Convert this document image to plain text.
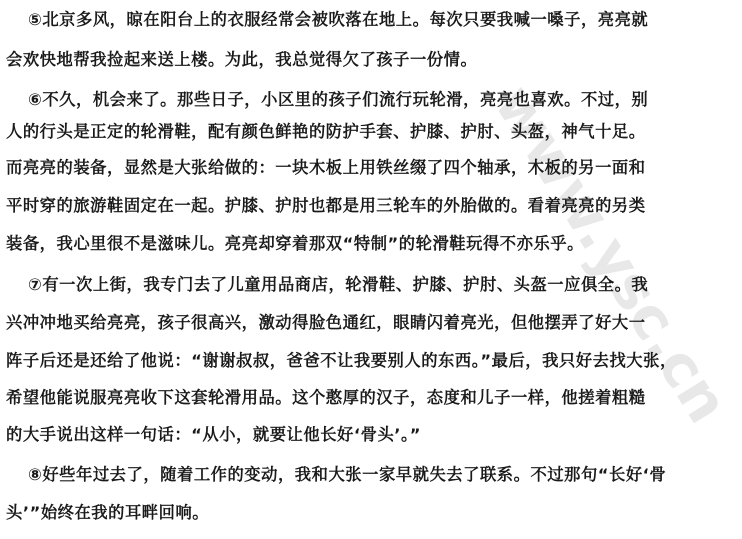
www.ysc.cn
⑤北京多风，晾在阳台上的衣服经常会被吹落在地上。每次只要我喊一嗓子，亮亮就
会欢快地帮我捡起来送上楼。为此，我总觉得欠了孩子一份情。
⑥不久，机会来了。那些日子，小区里的孩子们流行玩轮滑，亮亮也喜欢。不过，别
人的行头是正定的轮滑鞋，配有颜色鲜艳的防护手套、护膝、护肘、头盔，神气十足。
而亮亮的装备，显然是大张给做的：一块木板上用铁丝缀了四个轴承，木板的另一面和
平时穿的旅游鞋固定在一起。护膝、护肘也都是用三轮车的外胎做的。看着亮亮的另类
装备，我心里很不是滋味儿。亮亮却穿着那双“特制”的轮滑鞋玩得不亦乐乎。
⑦有一次上街，我专门去了儿童用品商店，轮滑鞋、护膝、护肘、头盔一应俱全。我
兴冲冲地买给亮亮，孩子很高兴，激动得脸色通红，眼睛闪着亮光，但他摆弄了好大一
阵子后还是还给了他说：“谢谢叔叔，爸爸不让我要别人的东西。”最后，我只好去找大张，
希望他能说服亮亮收下这套轮滑用品。这个憨厚的汉子，态度和儿子一样，他搓着粗糙
的大手说出这样一句话：“从小，就要让他长好‘骨头’。”
⑧好些年过去了，随着工作的变动，我和大张一家早就失去了联系。不过那句“长好‘骨
头’”始终在我的耳畔回响。
